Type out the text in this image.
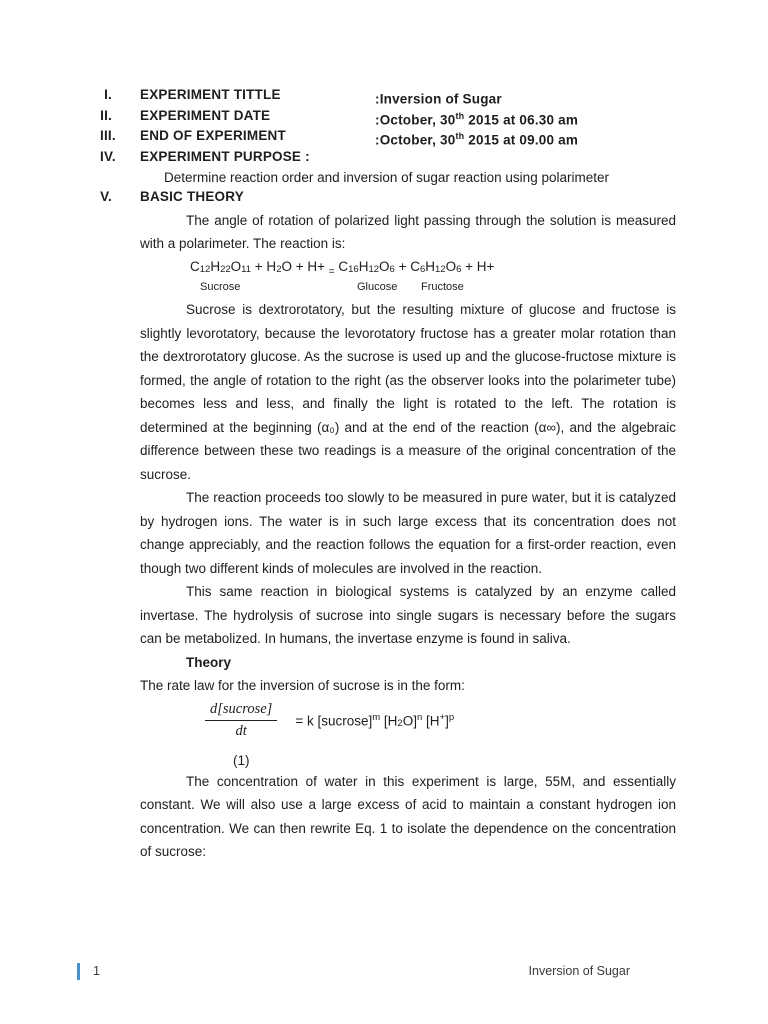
I.	EXPERIMENT TITTLE	:Inversion of Sugar
II.	EXPERIMENT DATE	:October, 30th 2015 at 06.30 am
III.	END OF EXPERIMENT	:October, 30th 2015 at 09.00 am
IV.	EXPERIMENT PURPOSE :
Determine reaction order and inversion of sugar reaction using polarimeter
V.	BASIC THEORY

The angle of rotation of polarized light passing through the solution is measured with a polarimeter. The reaction is:

C12H22O11 + H2O + H+ $_=$ C16H12O6 + C6H12O6 + H+
Sucrose	Glucose Fructose

Sucrose is dextrorotatory, but the resulting mixture of glucose and fructose is slightly levorotatory, because the levorotatory fructose has a greater molar rotation than the dextrorotatory glucose. As the sucrose is used up and the glucose-fructose mixture is formed, the angle of rotation to the right (as the observer looks into the polarimeter tube) becomes less and less, and finally the light is rotated to the left. The rotation is determined at the beginning (α₀) and at the end of the reaction (α∞), and the algebraic difference between these two readings is a measure of the original concentration of the sucrose.

The reaction proceeds too slowly to be measured in pure water, but it is catalyzed by hydrogen ions. The water is in such large excess that its concentration does not change appreciably, and the reaction follows the equation for a first-order reaction, even though two different kinds of molecules are involved in the reaction.

This same reaction in biological systems is catalyzed by an enzyme called invertase. The hydrolysis of sucrose into single sugars is necessary before the sugars can be metabolized. In humans, the invertase enzyme is found in saliva.

Theory

The rate law for the inversion of sucrose is in the form:

$\frac{\text{d[sucrose]}}{dt} = k$ [sucrose]$^m$ $[H2O]^n$ $[H^+]^p$
(1)

The concentration of water in this experiment is large, 55M, and essentially constant. We will also use a large excess of acid to maintain a constant hydrogen ion concentration. We can then rewrite Eq. 1 to isolate the dependence on the concentration of sucrose:

1	Inversion of Sugar
